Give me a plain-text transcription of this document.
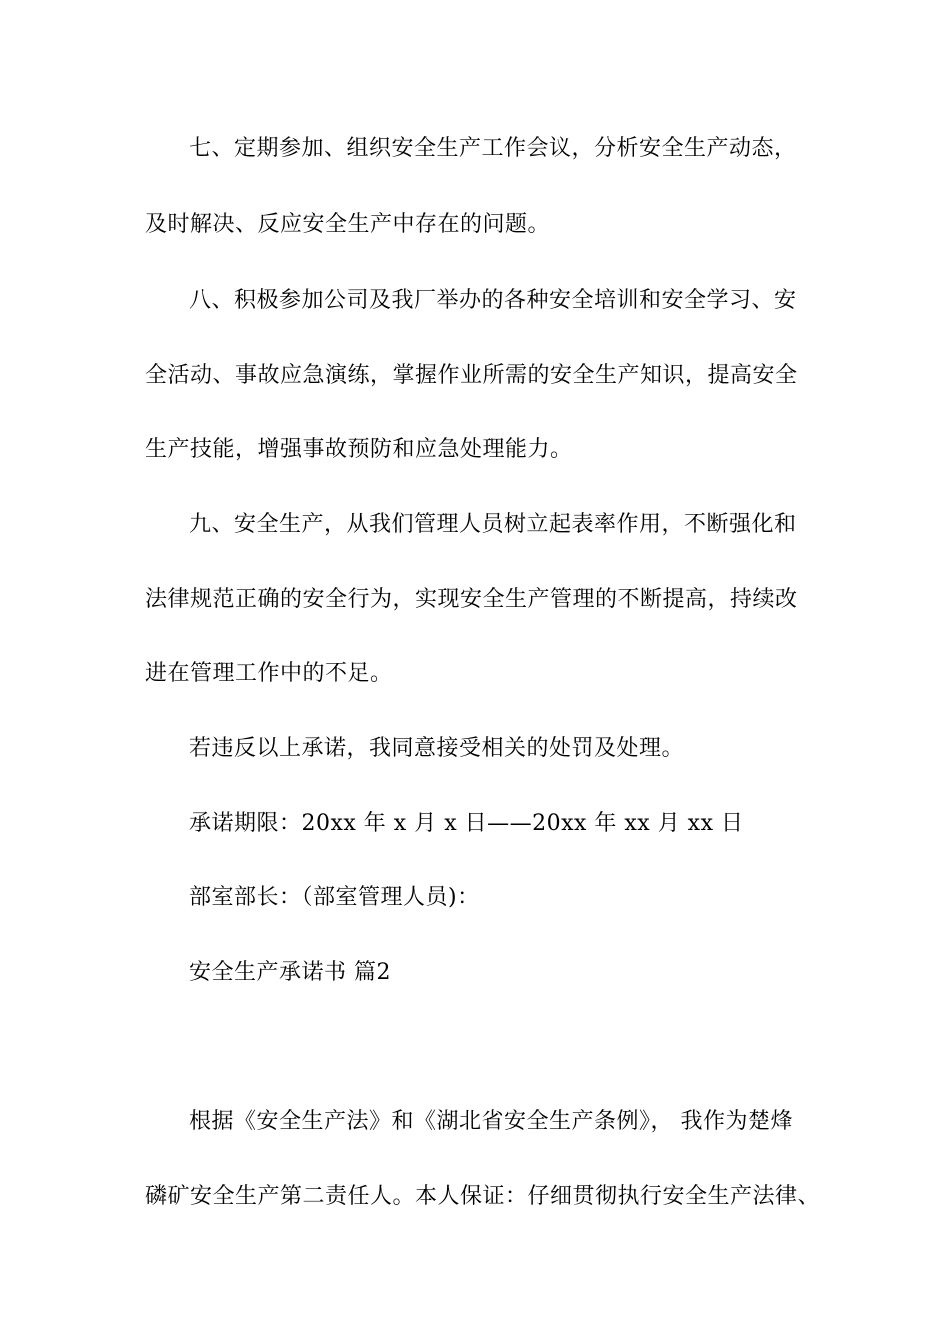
七、定期参加、组织安全生产工作会议，分析安全生产动态，
及时解决、反应安全生产中存在的问题。
八、积极参加公司及我厂举办的各种安全培训和安全学习、安
全活动、事故应急演练，掌握作业所需的安全生产知识，提高安全
生产技能，增强事故预防和应急处理能力。
九、安全生产，从我们管理人员树立起表率作用，不断强化和
法律规范正确的安全行为，实现安全生产管理的不断提高，持续改
进在管理工作中的不足。
若违反以上承诺，我同意接受相关的处罚及处理。
承诺期限：20xx 年 x 月 x 日——20xx 年 xx 月 xx 日
部室部长：（部室管理人员)：
安全生产承诺书 篇2
根据《安全生产法》和《湖北省安全生产条例》， 我作为楚烽
磷矿安全生产第二责任人。本人保证：仔细贯彻执行安全生产法律、
